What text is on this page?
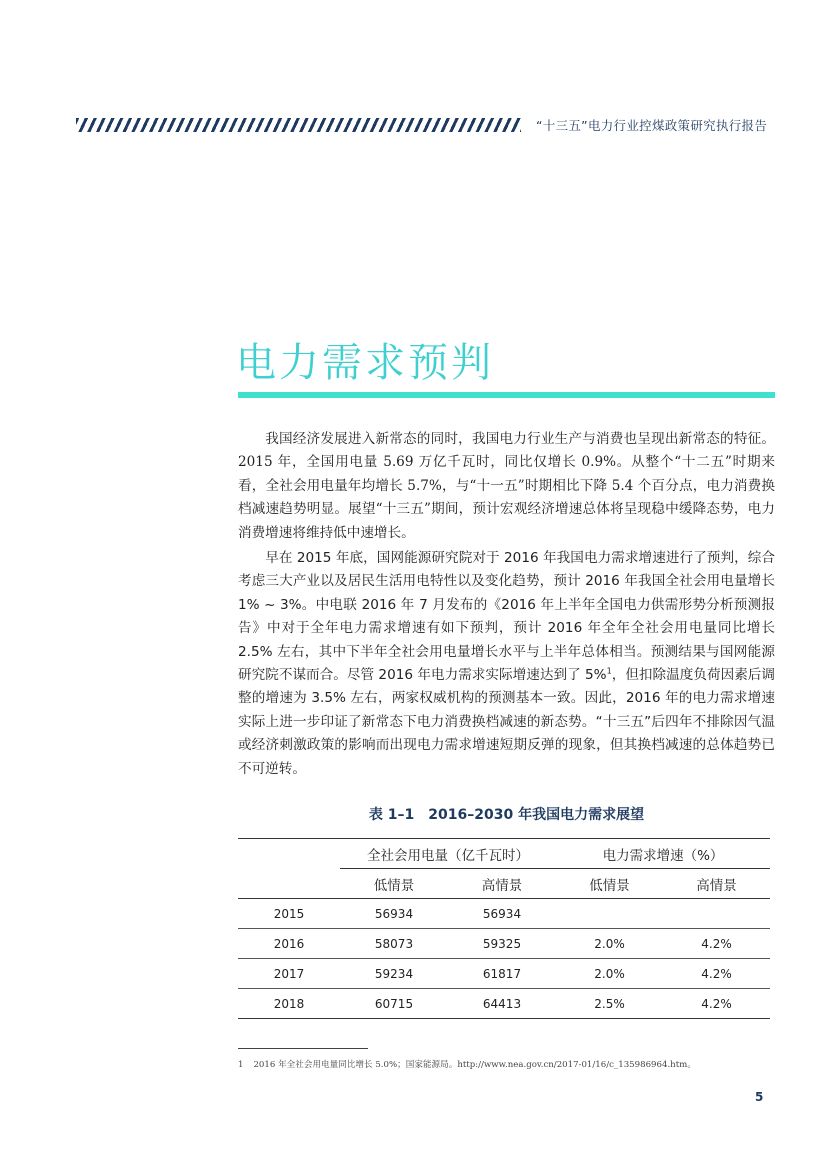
“十三五”电力行业控煤政策研究执行报告
电力需求预判

我国经济发展进入新常态的同时，我国电力行业生产与消费也呈现出新常态的特征。2015 年，全国用电量 5.69 万亿千瓦时，同比仅增长 0.9%。从整个“十二五”时期来看，全社会用电量年均增长 5.7%，与“十一五”时期相比下降 5.4 个百分点，电力消费换档减速趋势明显。展望“十三五”期间，预计宏观经济增速总体将呈现稳中缓降态势，电力消费增速将维持低中速增长。

早在 2015 年底，国网能源研究院对于 2016 年我国电力需求增速进行了预判，综合考虑三大产业以及居民生活用电特性以及变化趋势，预计 2016 年我国全社会用电量增长 1% ~ 3%。中电联 2016 年 7 月发布的《2016 年上半年全国电力供需形势分析预测报告》中对于全年电力需求增速有如下预判，预计 2016 年全年全社会用电量同比增长 2.5% 左右，其中下半年全社会用电量增长水平与上半年总体相当。预测结果与国网能源研究院不谋而合。尽管 2016 年电力需求实际增速达到了 5%$^1$，但扣除温度负荷因素后调整的增速为 3.5% 左右，两家权威机构的预测基本一致。因此，2016 年的电力需求增速实际上进一步印证了新常态下电力消费换档减速的新态势。“十三五”后四年不排除因气温或经济刺激政策的影响而出现电力需求增速短期反弹的现象，但其换档减速的总体趋势已不可逆转。

表 1–1　2016–2030 年我国电力需求展望
	全社会用电量（亿千瓦时）		电力需求增速（%）	
	低情景	高情景	低情景	高情景
2015	56934	56934		
2016	58073	59325	2.0%	4.2%
2017	59234	61817	2.0%	4.2%
2018	60715	64413	2.5%	4.2%
1 2016 年全社会用电量同比增长 5.0%；国家能源局。http://www.nea.gov.cn/2017-01/16/c_135986964.htm。
5
